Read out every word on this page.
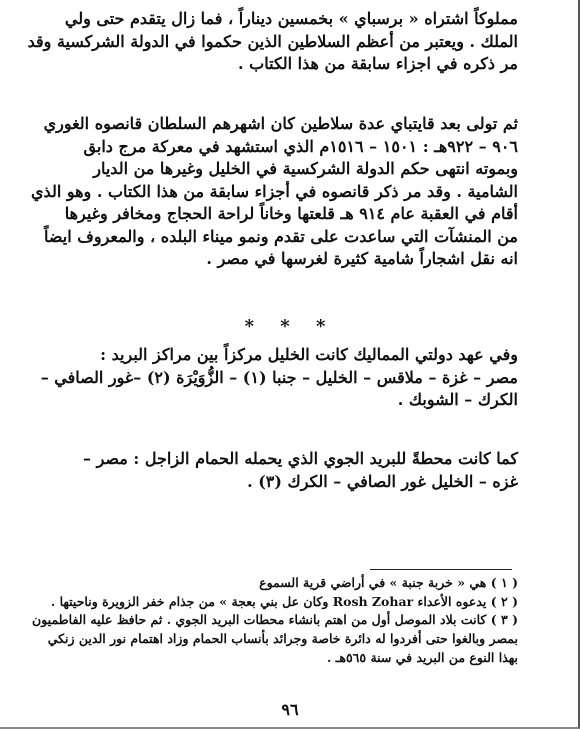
مملوكاً اشتراه « برسباي » بخمسين ديناراً ، فما زال يتقدم حتى ولي
الملك . ويعتبر من أعظم السلاطين الذين حكموا في الدولة الشركسية وقد
مر ذكره في اجزاء سابقة من هذا الكتاب .
ثم تولى بعد قايتباي عدة سلاطين كان اشهرهم السلطان قانصوه الغوري
٩٠٦ – ٩٢٢هـ : ١٥٠١ – ١٥١٦م الذي استشهد في معركة مرج دابق
وبموته انتهى حكم الدولة الشركسية في الخليل وغيرها من الديار
الشامية . وقد مر ذكر قانصوه في أجزاء سابقة من هذا الكتاب . وهو الذي
أقام في العقبة عام ٩١٤ هـ قلعتها وخاناً لراحة الحجاج ومخافر وغيرها
من المنشآت التي ساعدت على تقدم ونمو ميناء البلده ، والمعروف ايضاً
انه نقل اشجاراً شامية كثيرة لغرسها في مصر .
* * *
وفي عهد دولتي المماليك كانت الخليل مركزاً بين مراكز البريد :
مصر – غزة – ملاقس – الخليل – جنبا (١) – الزُّوَيْرَة (٢) –غور الصافي –
الكرك – الشوبك .
كما كانت محطةً للبريد الجوي الذي يحمله الحمام الزاجل : مصر –
غزه – الخليل غور الصافي – الكرك (٣) .
( ١ ) هي « خربة جنبة » في أراضي قرية السموع
( ٢ ) يدعوه الأعداء Rosh Zohar وكان عل بني بعجة » من جذام خفر الزويرة وناحيتها .
( ٣ ) كانت بلاد الموصل أول من اهتم بانشاء محطات البريد الجوي . ثم حافظ عليه الفاطميون
بمصر وبالغوا حتى أفردوا له دائرة خاصة وجرائد بأنساب الحمام وزاد اهتمام نور الدين زنكي
بهذا النوع من البريد في سنة ٥٦٥هـ .
٩٦
